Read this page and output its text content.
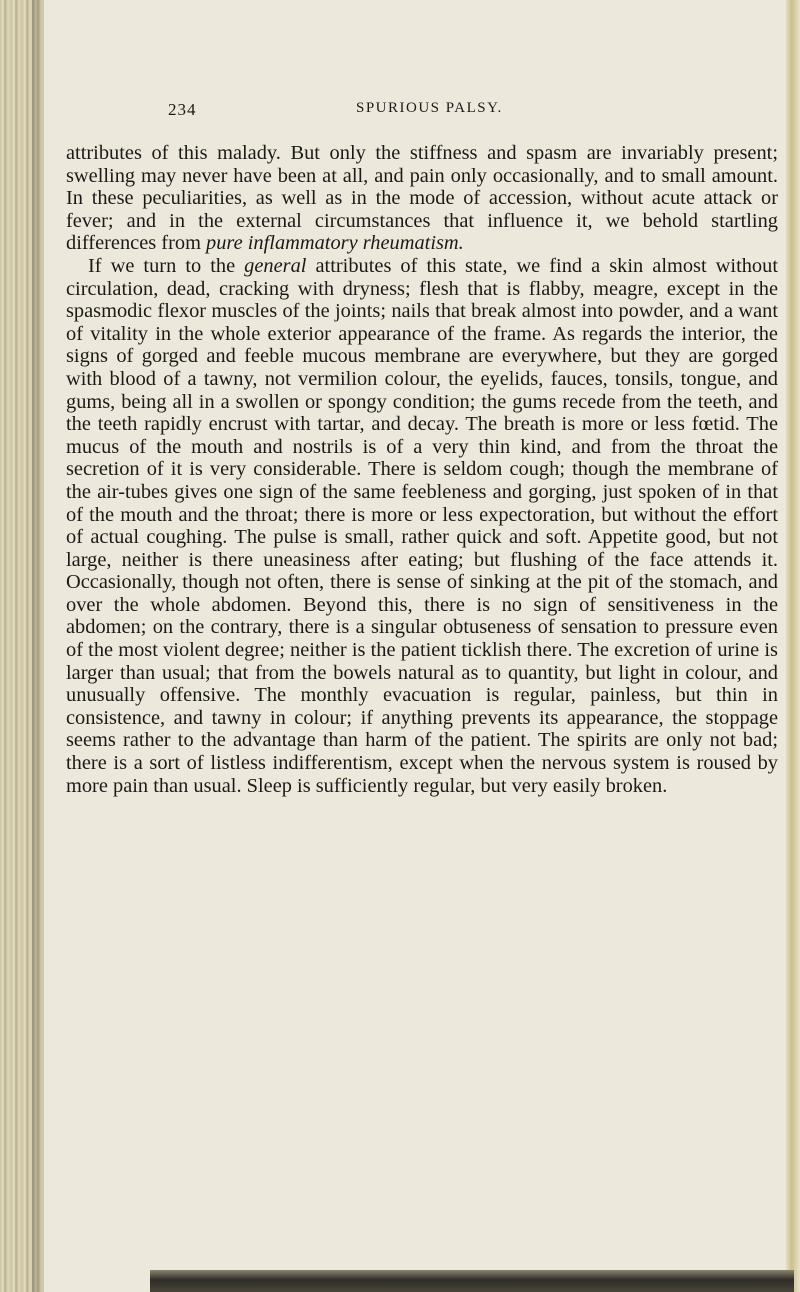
234	SPURIOUS PALSY.

attributes of this malady. But only the stiffness and spasm are invariably present; swelling may never have been at all, and pain only occasionally, and to small amount. In these peculiarities, as well as in the mode of accession, without acute attack or fever; and in the external circumstances that influence it, we behold startling differences from pure inflammatory rheumatism.

If we turn to the general attributes of this state, we find a skin almost without circulation, dead, cracking with dryness; flesh that is flabby, meagre, except in the spasmodic flexor muscles of the joints; nails that break almost into powder, and a want of vitality in the whole exterior appearance of the frame. As regards the interior, the signs of gorged and feeble mucous membrane are everywhere, but they are gorged with blood of a tawny, not vermilion colour, the eyelids, fauces, tonsils, tongue, and gums, being all in a swollen or spongy condition; the gums recede from the teeth, and the teeth rapidly encrust with tartar, and decay. The breath is more or less fœtid. The mucus of the mouth and nostrils is of a very thin kind, and from the throat the secretion of it is very considerable. There is seldom cough; though the membrane of the air-tubes gives one sign of the same feebleness and gorging, just spoken of in that of the mouth and the throat; there is more or less expectoration, but without the effort of actual coughing. The pulse is small, rather quick and soft. Appetite good, but not large, neither is there uneasiness after eating; but flushing of the face attends it. Occasionally, though not often, there is sense of sinking at the pit of the stomach, and over the whole abdomen. Beyond this, there is no sign of sensitiveness in the abdomen; on the contrary, there is a singular obtuseness of sensation to pressure even of the most violent degree; neither is the patient ticklish there. The excretion of urine is larger than usual; that from the bowels natural as to quantity, but light in colour, and unusually offensive. The monthly evacuation is regular, painless, but thin in consistence, and tawny in colour; if anything prevents its appearance, the stoppage seems rather to the advantage than harm of the patient. The spirits are only not bad; there is a sort of listless indifferentism, except when the nervous system is roused by more pain than usual. Sleep is sufficiently regular, but very easily broken.
